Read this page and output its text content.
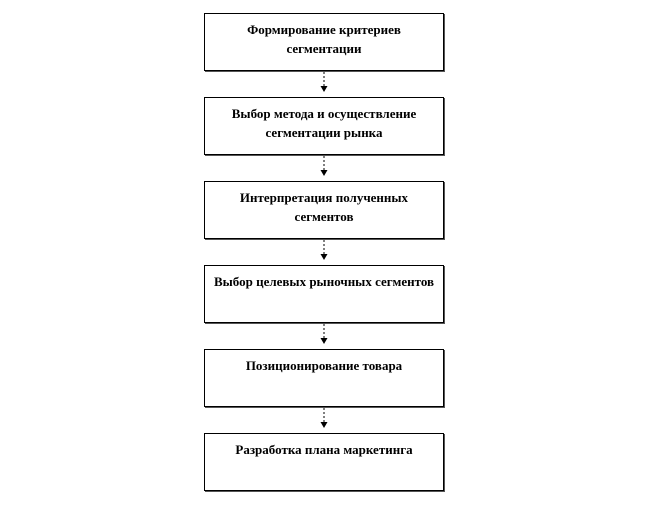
Формирование критериев сегментации
Выбор метода и осуществление сегментации рынка
Интерпретация полученных сегментов
Выбор целевых рыночных сегментов
Позиционирование товара
Разработка плана маркетинга
